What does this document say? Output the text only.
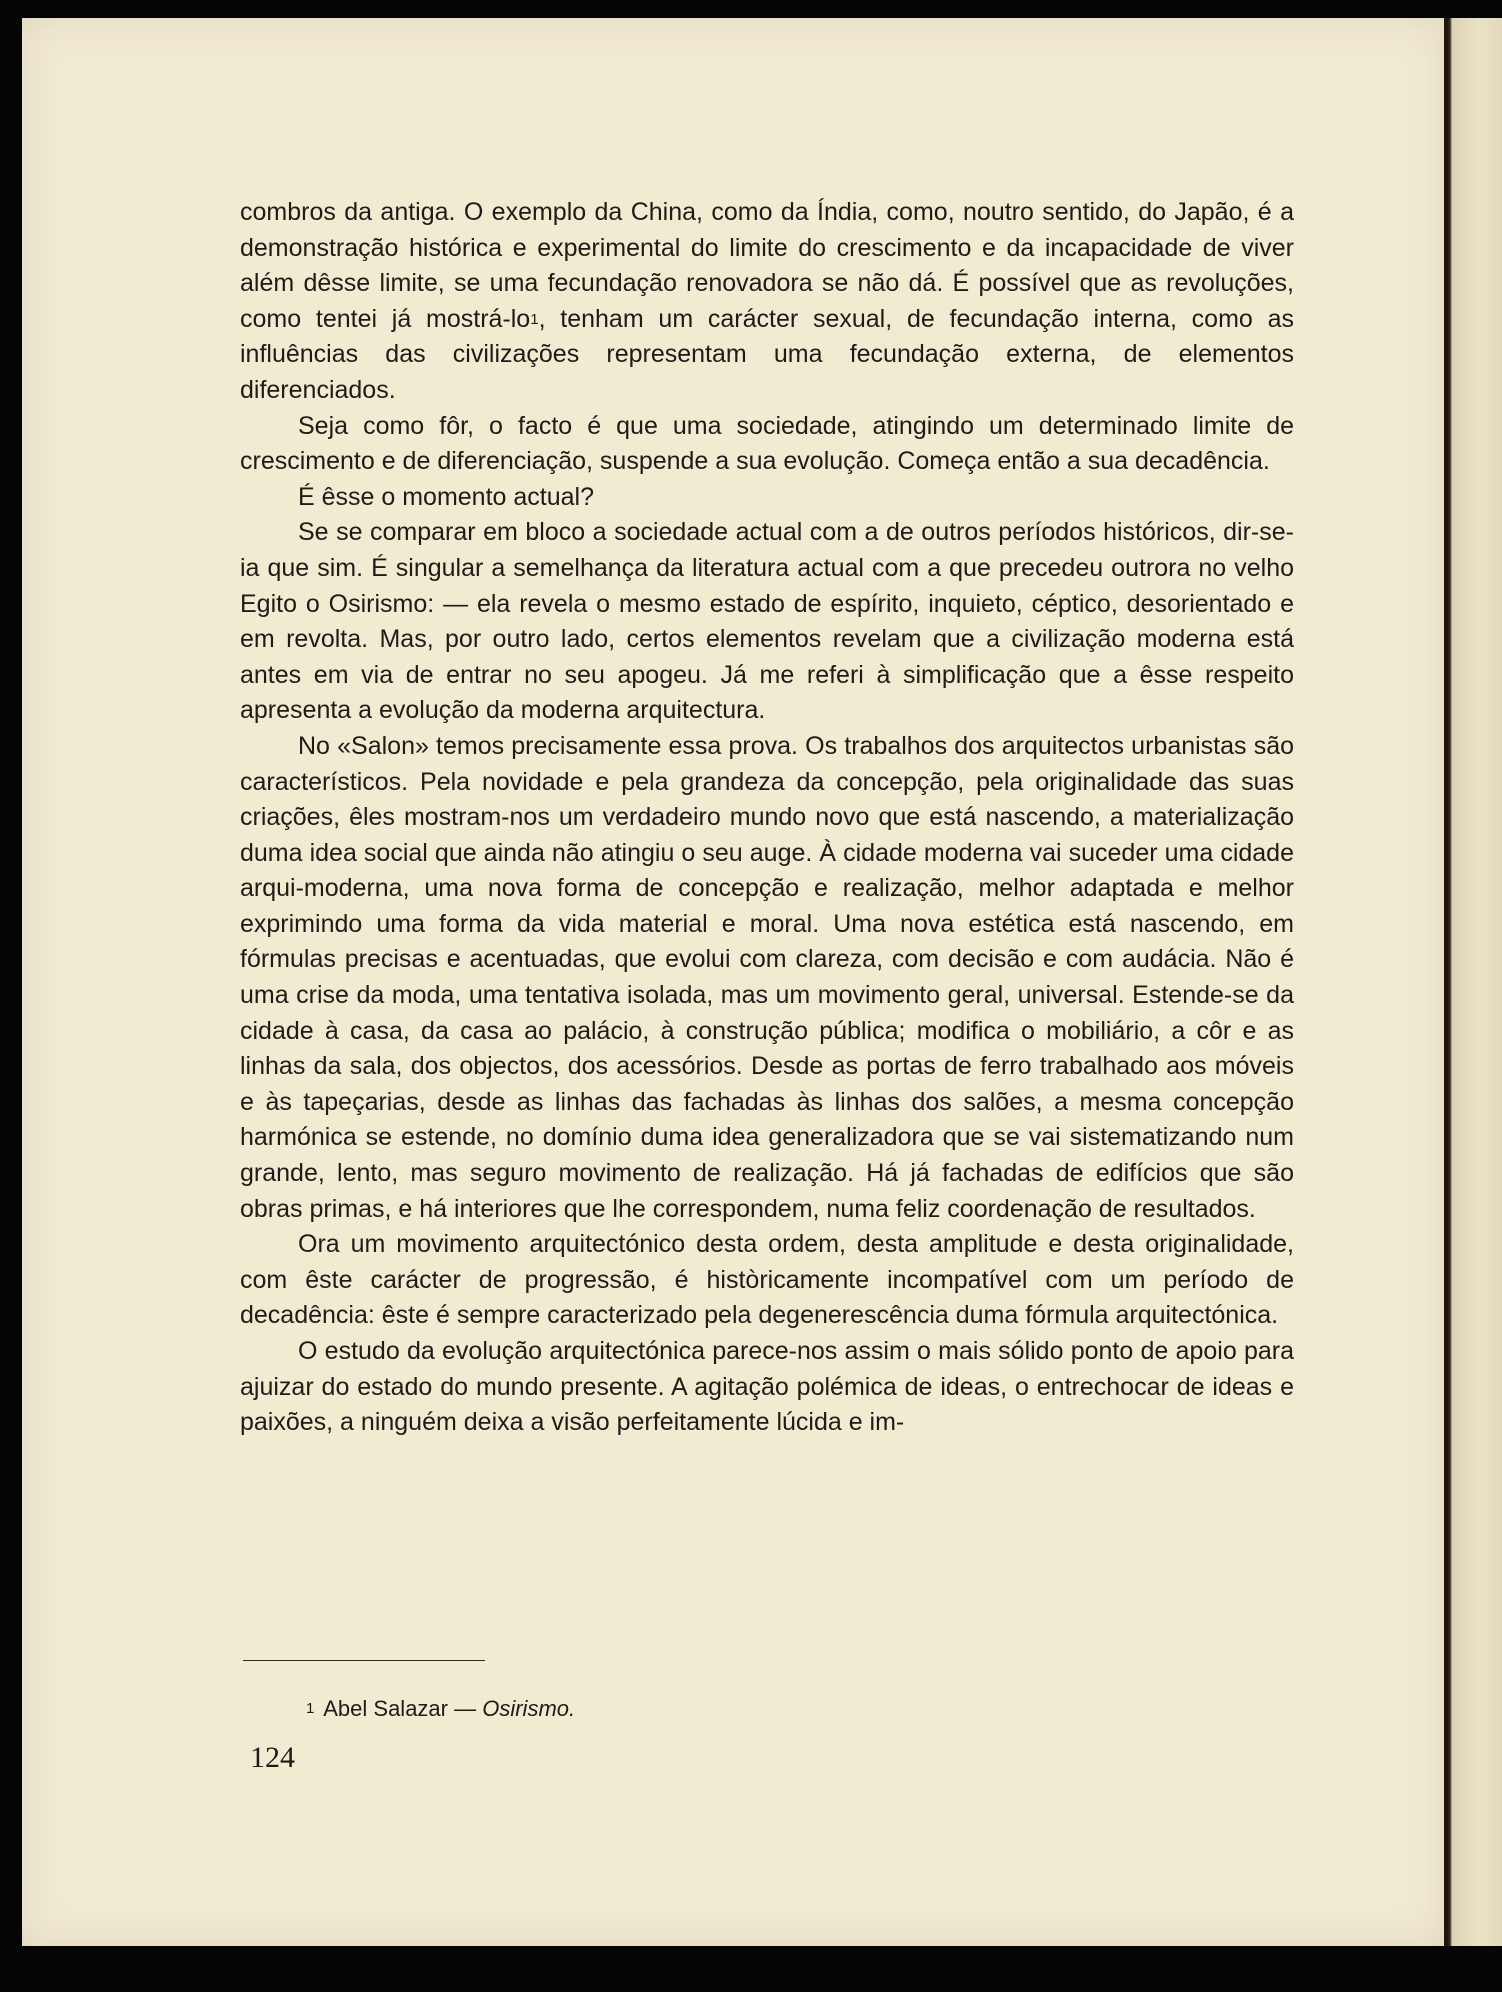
combros da antiga. O exemplo da China, como da Índia, como, noutro sentido, do Japão, é a demonstração histórica e experimental do limite do crescimento e da incapacidade de viver além dêsse limite, se uma fecundação renovadora se não dá. É possível que as revoluções, como tentei já mostrá-$lo^1$, tenham um carácter sexual, de fecundação interna, como as influências das civilizações representam uma fecundação externa, de elementos diferenciados.

Seja como fôr, o facto é que uma sociedade, atingindo um determinado limite de crescimento e de diferenciação, suspende a sua evolução. Começa então a sua decadência.

É êsse o momento actual?

Se se comparar em bloco a sociedade actual com a de outros períodos históricos, dir-se-ia que sim. É singular a semelhança da literatura actual com a que precedeu outrora no velho Egito o Osirismo: — ela revela o mesmo estado de espírito, inquieto, céptico, desorientado e em revolta. Mas, por outro lado, certos elementos revelam que a civilização moderna está antes em via de entrar no seu apogeu. Já me referi à simplificação que a êsse respeito apresenta a evolução da moderna arquitectura.

No «Salon» temos precisamente essa prova. Os trabalhos dos arquitectos urbanistas são característicos. Pela novidade e pela grandeza da concepção, pela originalidade das suas criações, êles mostram-nos um verdadeiro mundo novo que está nascendo, a materialização duma idea social que ainda não atingiu o seu auge. À cidade moderna vai suceder uma cidade arqui-moderna, uma nova forma de concepção e realização, melhor adaptada e melhor exprimindo uma forma da vida material e moral. Uma nova estética está nascendo, em fórmulas precisas e acentuadas, que evolui com clareza, com decisão e com audácia. Não é uma crise da moda, uma tentativa isolada, mas um movimento geral, universal. Estende-se da cidade à casa, da casa ao palácio, à construção pública; modifica o mobiliário, a côr e as linhas da sala, dos objectos, dos acessórios. Desde as portas de ferro trabalhado aos móveis e às tapeçarias, desde as linhas das fachadas às linhas dos salões, a mesma concepção harmónica se estende, no domínio duma idea generalizadora que se vai sistematizando num grande, lento, mas seguro movimento de realização. Há já fachadas de edifícios que são obras primas, e há interiores que lhe correspondem, numa feliz coordenação de resultados.

Ora um movimento arquitectónico desta ordem, desta amplitude e desta originalidade, com êste carácter de progressão, é històricamente incompatível com um período de decadência: êste é sempre caracterizado pela degenerescência duma fórmula arquitectónica.

O estudo da evolução arquitectónica parece-nos assim o mais sólido ponto de apoio para ajuizar do estado do mundo presente. A agitação polémica de ideas, o entrechocar de ideas e paixões, a ninguém deixa a visão perfeitamente lúcida e im-

$^1$ Abel Salazar — Osirismo.
124
